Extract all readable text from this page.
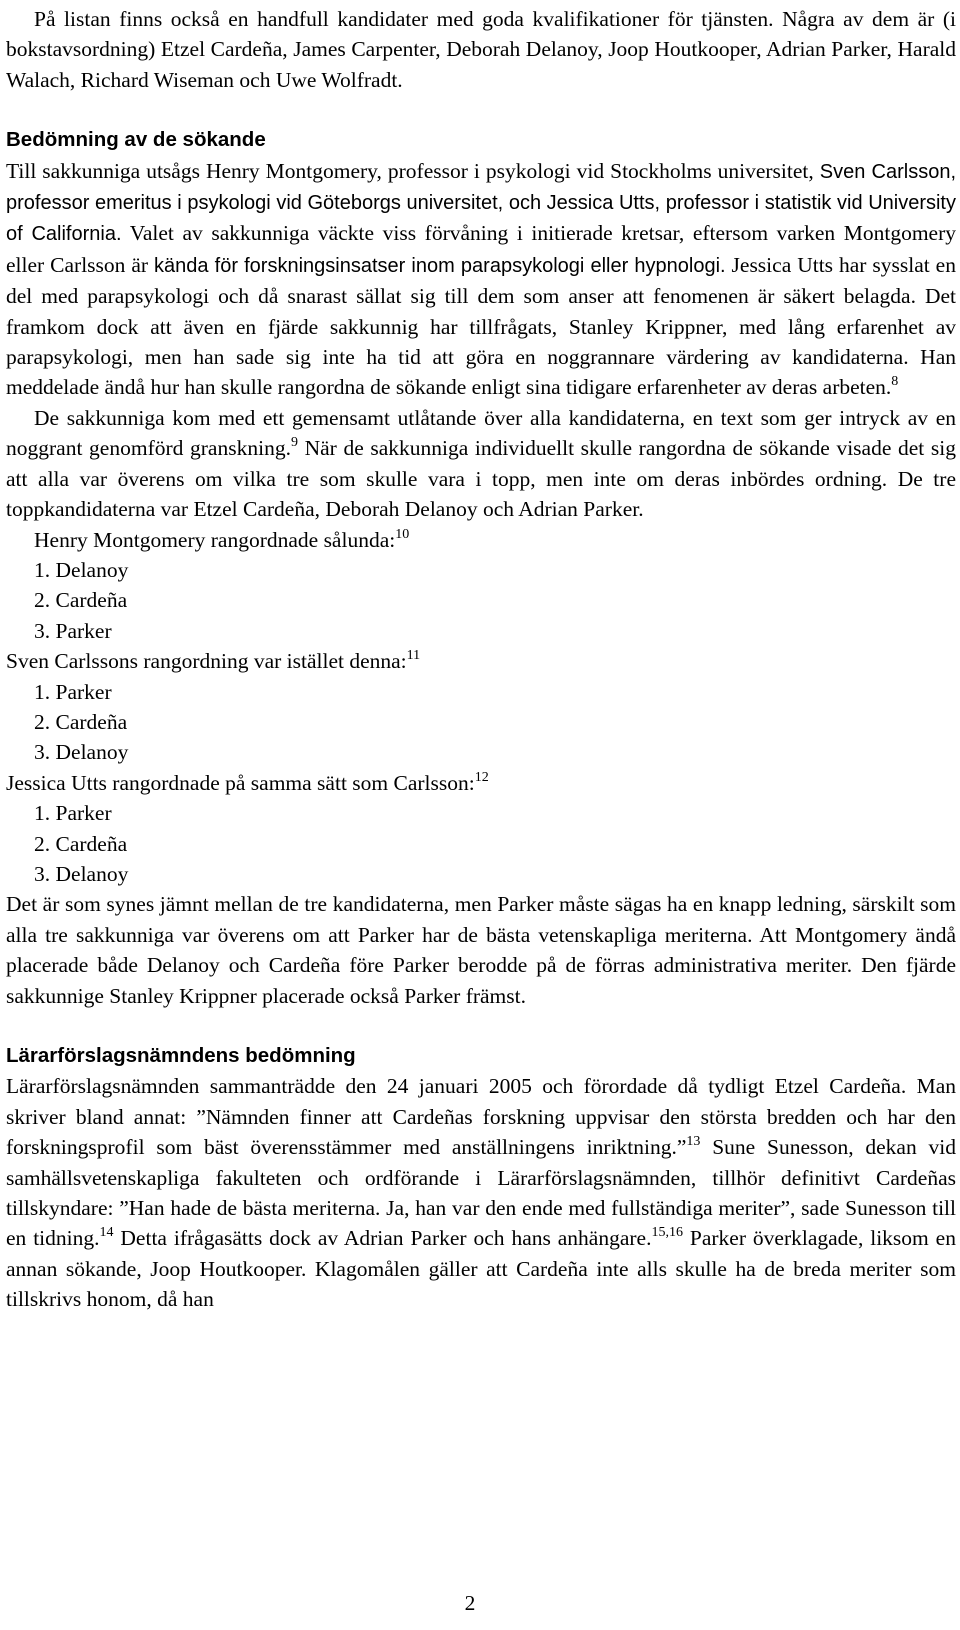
På listan finns också en handfull kandidater med goda kvalifikationer för tjänsten. Några av dem är (i bokstavsordning) Etzel Cardeña, James Carpenter, Deborah Delanoy, Joop Houtkooper, Adrian Parker, Harald Walach, Richard Wiseman och Uwe Wolfradt.

Bedömning av de sökande

Till sakkunniga utsågs Henry Montgomery, professor i psykologi vid Stockholms universitet, Sven Carlsson, professor emeritus i psykologi vid Göteborgs universitet, och Jessica Utts, professor i statistik vid University of California. Valet av sakkunniga väckte viss förvåning i initierade kretsar, eftersom varken Montgomery eller Carlsson är kända för forskningsinsatser inom parapsykologi eller hypnologi. Jessica Utts har sysslat en del med parapsykologi och då snarast sällat sig till dem som anser att fenomenen är säkert belagda. Det framkom dock att även en fjärde sakkunnig har tillfrågats, Stanley Krippner, med lång erfarenhet av parapsykologi, men han sade sig inte ha tid att göra en noggrannare värdering av kandidaterna. Han meddelade ändå hur han skulle rangordna de sökande enligt sina tidigare erfarenheter av deras arbeten.$^8$

De sakkunniga kom med ett gemensamt utlåtande över alla kandidaterna, en text som ger intryck av en noggrant genomförd granskning.$^9$ När de sakkunniga individuellt skulle rangordna de sökande visade det sig att alla var överens om vilka tre som skulle vara i topp, men inte om deras inbördes ordning. De tre toppkandidaterna var Etzel Cardeña, Deborah Delanoy och Adrian Parker.

Henry Montgomery rangordnade sålunda:$^{10}$

1. Delanoy
2. Cardeña
3. Parker

Sven Carlssons rangordning var istället denna:$^{11}$

1. Parker
2. Cardeña
3. Delanoy

Jessica Utts rangordnade på samma sätt som Carlsson:$^{12}$

1. Parker
2. Cardeña
3. Delanoy

Det är som synes jämnt mellan de tre kandidaterna, men Parker måste sägas ha en knapp ledning, särskilt som alla tre sakkunniga var överens om att Parker har de bästa vetenskapliga meriterna. Att Montgomery ändå placerade både Delanoy och Cardeña före Parker berodde på de förras administrativa meriter. Den fjärde sakkunnige Stanley Krippner placerade också Parker främst.

Lärarförslagsnämndens bedömning

Lärarförslagsnämnden sammanträdde den 24 januari 2005 och förordade då tydligt Etzel Cardeña. Man skriver bland annat: ”Nämnden finner att Cardeñas forskning uppvisar den största bredden och har den forskningsprofil som bäst överensstämmer med anställningens inriktning.”$^{13}$ Sune Sunesson, dekan vid samhällsvetenskapliga fakulteten och ordförande i Lärarförslagsnämnden, tillhör definitivt Cardeñas tillskyndare: ”Han hade de bästa meriterna. Ja, han var den ende med fullständiga meriter”, sade Sunesson till en tidning.$^{14}$ Detta ifrågasätts dock av Adrian Parker och hans anhängare.$^{15,16}$ Parker överklagade, liksom en annan sökande, Joop Houtkooper. Klagomålen gäller att Cardeña inte alls skulle ha de breda meriter som tillskrivs honom, då han

2
